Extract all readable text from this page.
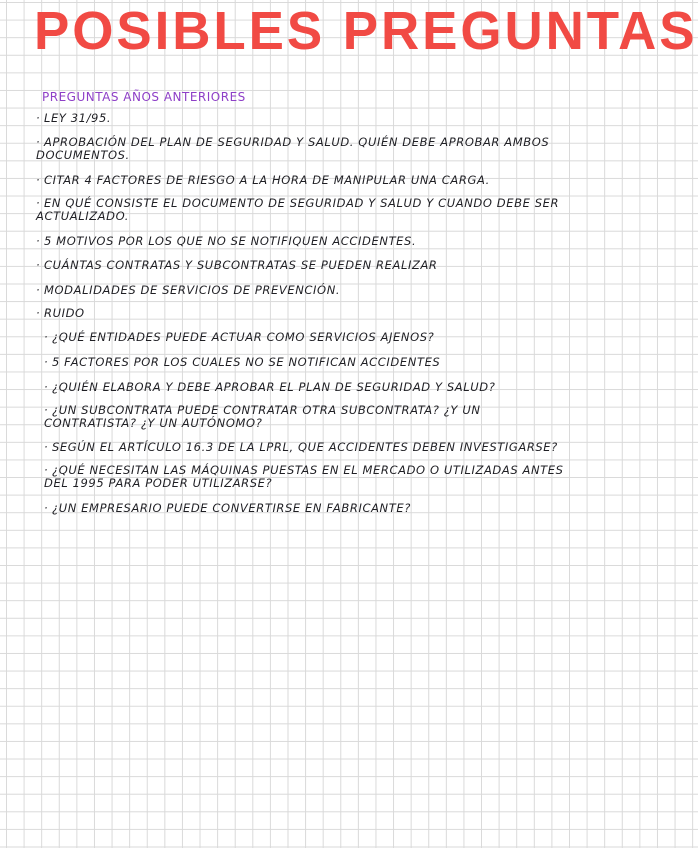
POSIBLES PREGUNTAS
PREGUNTAS AÑOS ANTERIORES
· LEY 31/95.
· APROBACIÓN DEL PLAN DE SEGURIDAD Y SALUD. QUIÉN DEBE APROBAR AMBOS DOCUMENTOS.
· CITAR 4 FACTORES DE RIESGO A LA HORA DE MANIPULAR UNA CARGA.
· EN QUÉ CONSISTE EL DOCUMENTO DE SEGURIDAD Y SALUD Y CUANDO DEBE SER ACTUALIZADO.
· 5 MOTIVOS POR LOS QUE NO SE NOTIFIQUEN ACCIDENTES.
· CUÁNTAS CONTRATAS Y SUBCONTRATAS SE PUEDEN REALIZAR
· MODALIDADES DE SERVICIOS DE PREVENCIÓN.
· RUIDO
· ¿QUÉ ENTIDADES PUEDE ACTUAR COMO SERVICIOS AJENOS?
· 5 FACTORES POR LOS CUALES NO SE NOTIFICAN ACCIDENTES
· ¿QUIÉN ELABORA Y DEBE APROBAR EL PLAN DE SEGURIDAD Y SALUD?
· ¿UN SUBCONTRATA PUEDE CONTRATAR OTRA SUBCONTRATA? ¿Y UN CONTRATISTA? ¿Y UN AUTÓNOMO?
· SEGÚN EL ARTÍCULO 16.3 DE LA LPRL, QUE ACCIDENTES DEBEN INVESTIGARSE?
· ¿QUÉ NECESITAN LAS MÁQUINAS PUESTAS EN EL MERCADO O UTILIZADAS ANTES DEL 1995 PARA PODER UTILIZARSE?
· ¿UN EMPRESARIO PUEDE CONVERTIRSE EN FABRICANTE?
